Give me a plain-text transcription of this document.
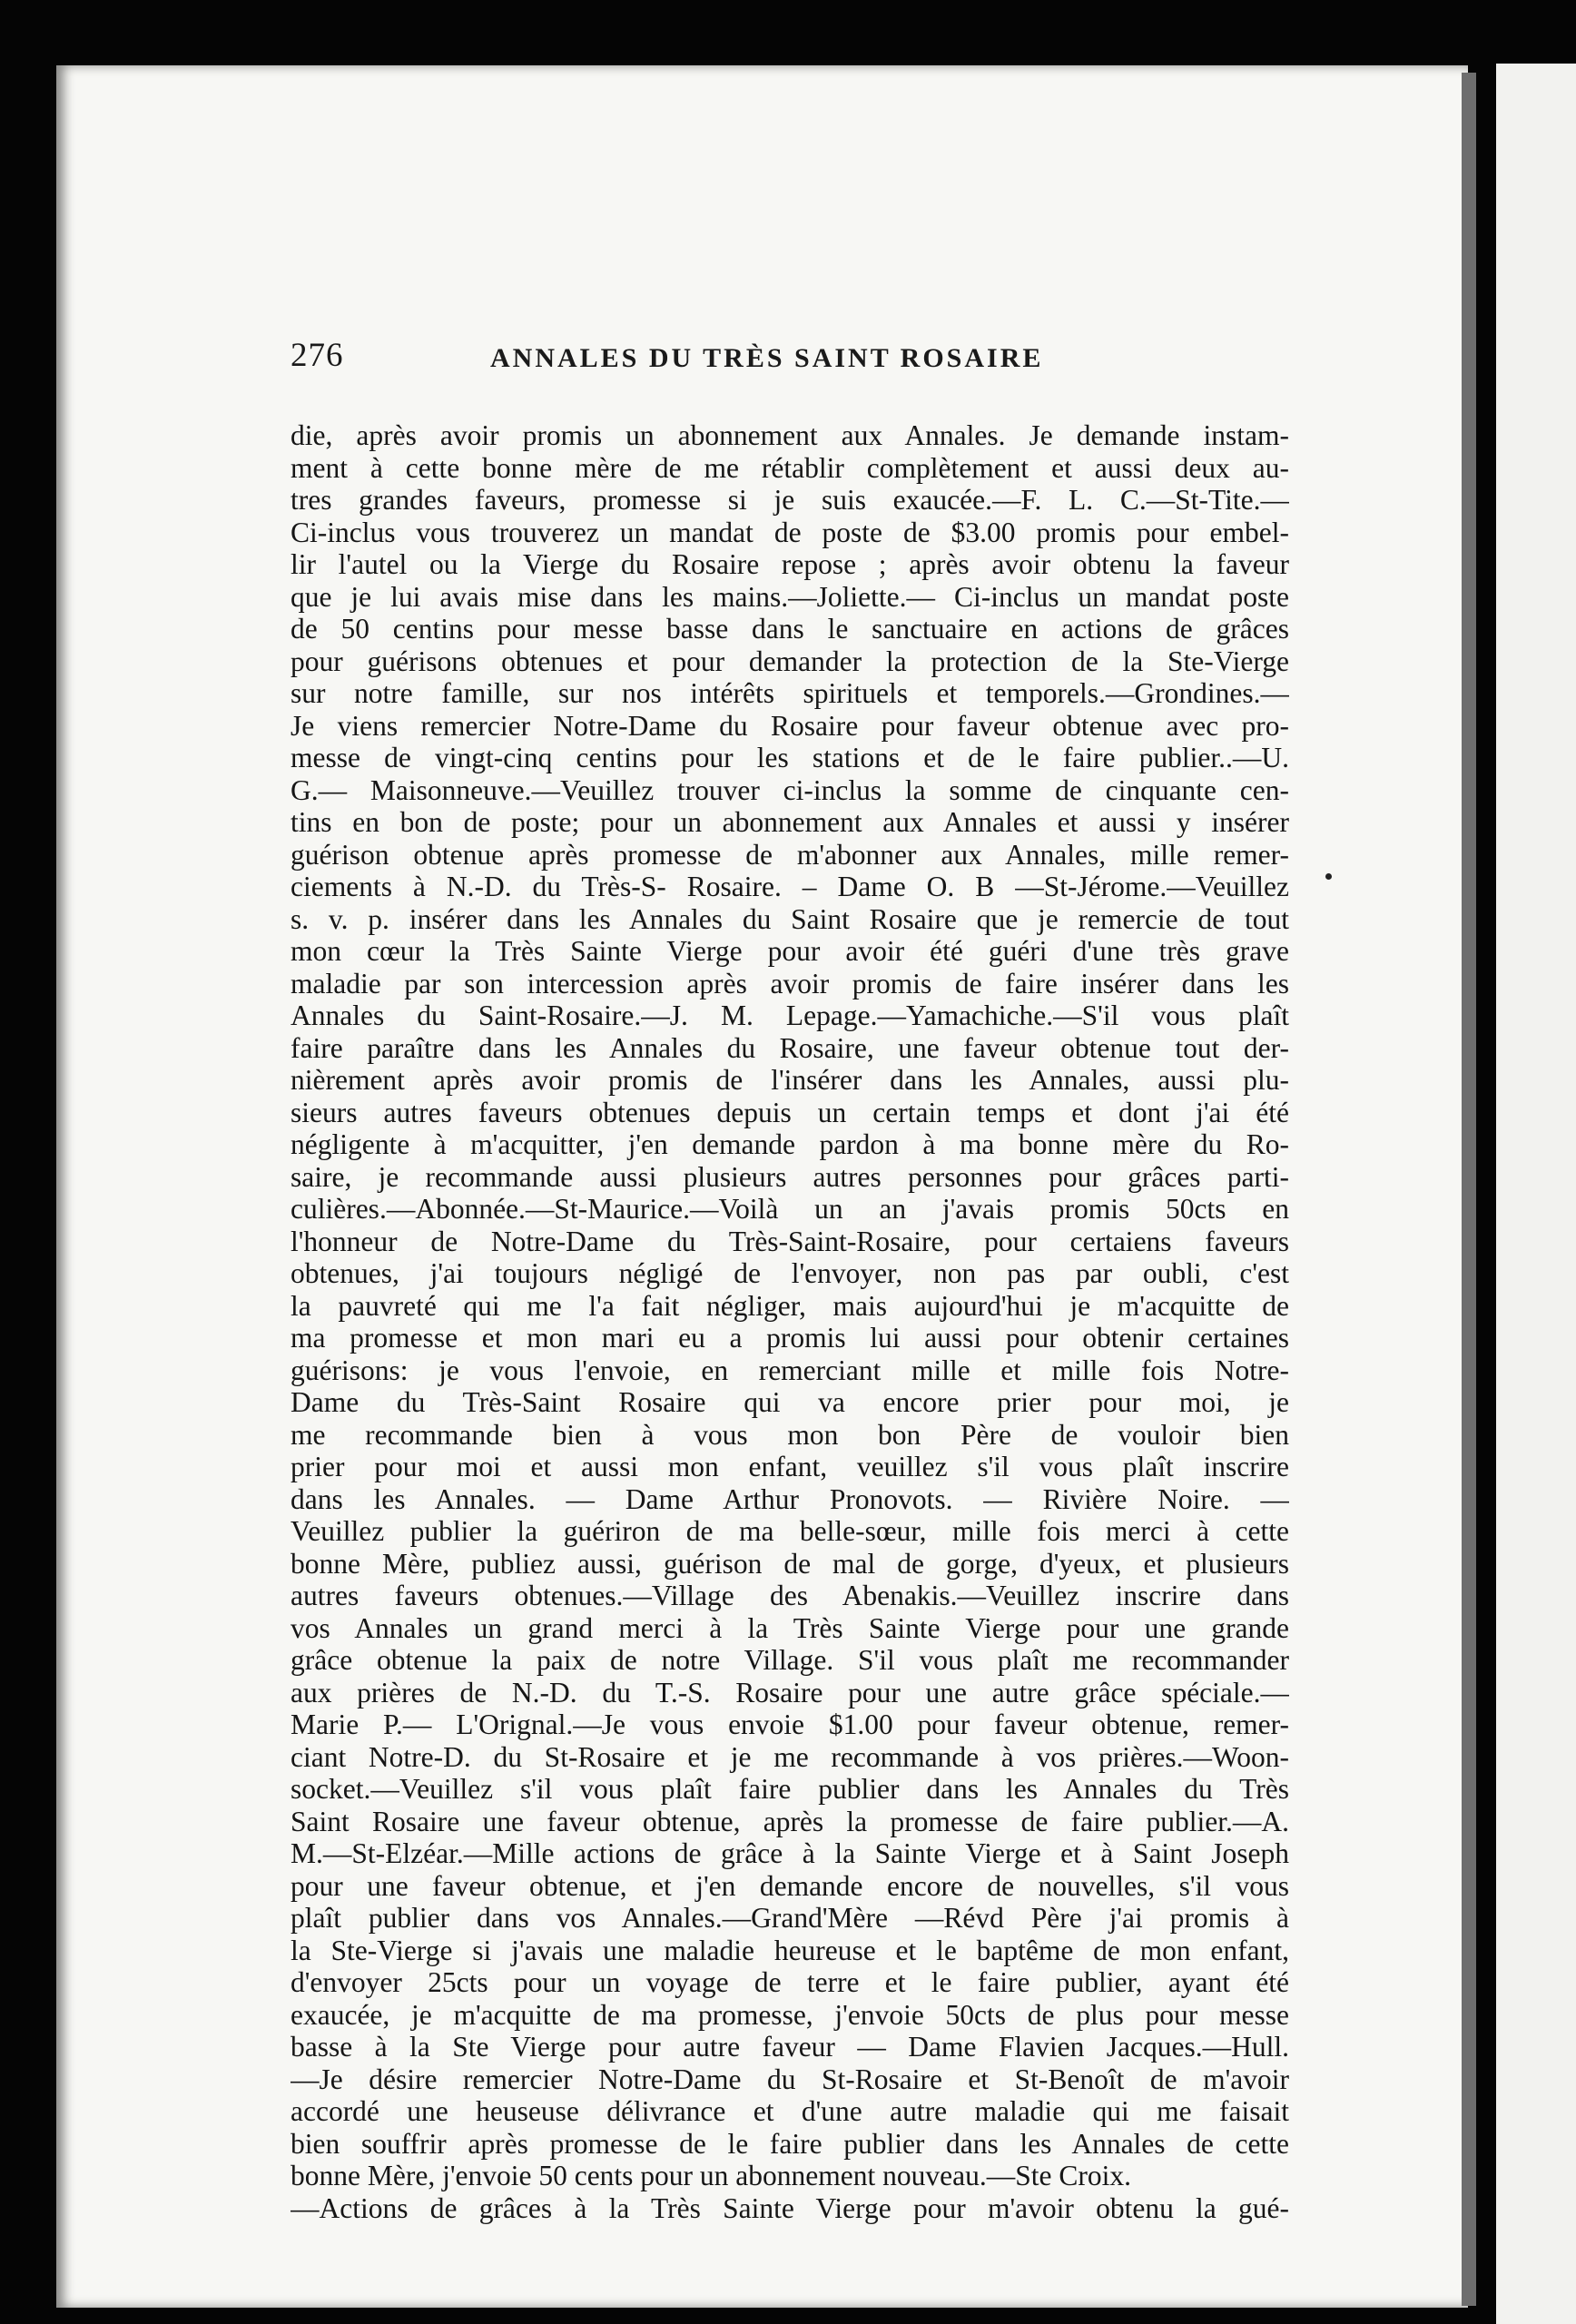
276	ANNALES DU TRÈS SAINT ROSAIRE
die, après avoir promis un abonnement aux Annales. Je demande instam-
ment à cette bonne mère de me rétablir complètement et aussi deux au-
tres grandes faveurs, promesse si je suis exaucée.—F. L. C.—St-Tite.—
Ci-inclus vous trouverez un mandat de poste de $3.00 promis pour embel-
lir l'autel ou la Vierge du Rosaire repose ; après avoir obtenu la faveur
que je lui avais mise dans les mains.—Joliette.— Ci-inclus un mandat poste
de 50 centins pour messe basse dans le sanctuaire en actions de grâces
pour guérisons obtenues et pour demander la protection de la Ste-Vierge
sur notre famille, sur nos intérêts spirituels et temporels.—Grondines.—
Je viens remercier Notre-Dame du Rosaire pour faveur obtenue avec pro-
messe de vingt-cinq centins pour les stations et de le faire publier..—U.
G.— Maisonneuve.—Veuillez trouver ci-inclus la somme de cinquante cen-
tins en bon de poste; pour un abonnement aux Annales et aussi y insérer
guérison obtenue après promesse de m'abonner aux Annales, mille remer-
ciements à N.-D. du Très-S- Rosaire. – Dame O. B —St-Jérome.—Veuillez
s. v. p. insérer dans les Annales du Saint Rosaire que je remercie de tout
mon cœur la Très Sainte Vierge pour avoir été guéri d'une très grave
maladie par son intercession après avoir promis de faire insérer dans les
Annales du Saint-Rosaire.—J. M. Lepage.—Yamachiche.—S'il vous plaît
faire paraître dans les Annales du Rosaire, une faveur obtenue tout der-
nièrement après avoir promis de l'insérer dans les Annales, aussi plu-
sieurs autres faveurs obtenues depuis un certain temps et dont j'ai été
négligente à m'acquitter, j'en demande pardon à ma bonne mère du Ro-
saire, je recommande aussi plusieurs autres personnes pour grâces parti-
culières.—Abonnée.—St-Maurice.—Voilà un an j'avais promis 50cts en
l'honneur de Notre-Dame du Très-Saint-Rosaire, pour certaiens faveurs
obtenues, j'ai toujours négligé de l'envoyer, non pas par oubli, c'est
la pauvreté qui me l'a fait négliger, mais aujourd'hui je m'acquitte de
ma promesse et mon mari eu a promis lui aussi pour obtenir certaines
guérisons: je vous l'envoie, en remerciant mille et mille fois Notre-
Dame du Très-Saint Rosaire qui va encore prier pour moi, je
me recommande bien à vous mon bon Père de vouloir bien
prier pour moi et aussi mon enfant, veuillez s'il vous plaît inscrire
dans les Annales. — Dame Arthur Pronovots. — Rivière Noire. —
Veuillez publier la guériron de ma belle-sœur, mille fois merci à cette
bonne Mère, publiez aussi, guérison de mal de gorge, d'yeux, et plusieurs
autres faveurs obtenues.—Village des Abenakis.—Veuillez inscrire dans
vos Annales un grand merci à la Très Sainte Vierge pour une grande
grâce obtenue la paix de notre Village. S'il vous plaît me recommander
aux prières de N.-D. du T.-S. Rosaire pour une autre grâce spéciale.—
Marie P.— L'Orignal.—Je vous envoie $1.00 pour faveur obtenue, remer-
ciant Notre-D. du St-Rosaire et je me recommande à vos prières.—Woon-
socket.—Veuillez s'il vous plaît faire publier dans les Annales du Très
Saint Rosaire une faveur obtenue, après la promesse de faire publier.—A.
M.—St-Elzéar.—Mille actions de grâce à la Sainte Vierge et à Saint Joseph
pour une faveur obtenue, et j'en demande encore de nouvelles, s'il vous
plaît publier dans vos Annales.—Grand'Mère —Révd Père j'ai promis à
la Ste-Vierge si j'avais une maladie heureuse et le baptême de mon enfant,
d'envoyer 25cts pour un voyage de terre et le faire publier, ayant été
exaucée, je m'acquitte de ma promesse, j'envoie 50cts de plus pour messe
basse à la Ste Vierge pour autre faveur — Dame Flavien Jacques.—Hull.
—Je désire remercier Notre-Dame du St-Rosaire et St-Benoît de m'avoir
accordé une heuseuse délivrance et d'une autre maladie qui me faisait
bien souffrir après promesse de le faire publier dans les Annales de cette
bonne Mère, j'envoie 50 cents pour un abonnement nouveau.—Ste Croix.
—Actions de grâces à la Très Sainte Vierge pour m'avoir obtenu la gué-
